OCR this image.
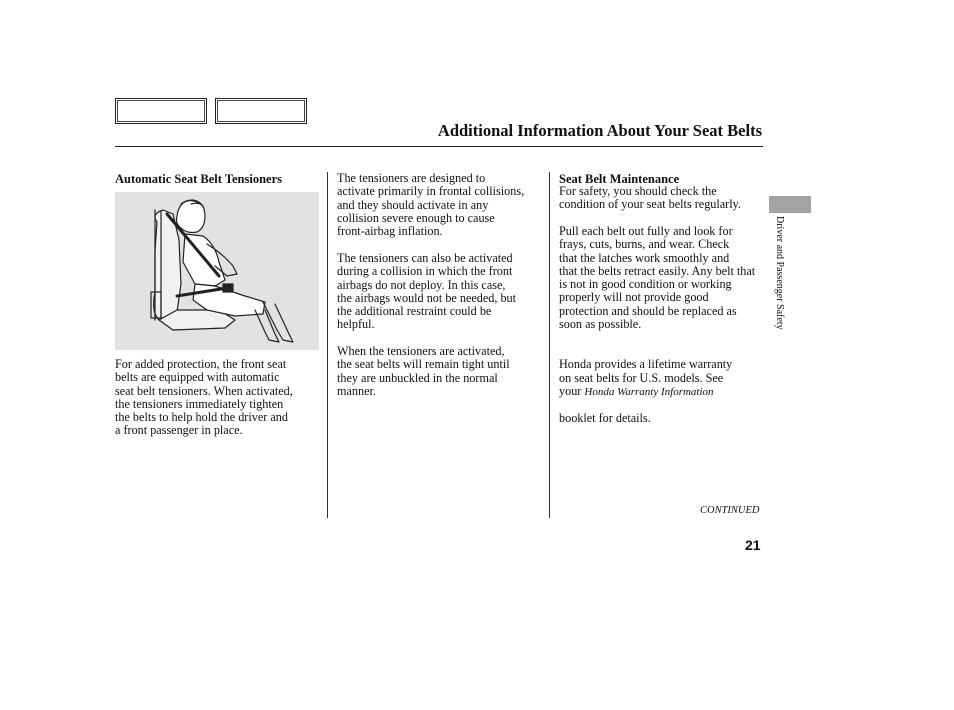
Additional Information About Your Seat Belts
Automatic Seat Belt Tensioners
For added protection, the front seat
belts are equipped with automatic
seat belt tensioners. When activated,
the tensioners immediately tighten
the belts to help hold the driver and
a front passenger in place.
The tensioners are designed to
activate primarily in frontal collisions,
and they should activate in any
collision severe enough to cause
front-airbag inflation.
The tensioners can also be activated
during a collision in which the front
airbags do not deploy. In this case,
the airbags would not be needed, but
the additional restraint could be
helpful.
When the tensioners are activated,
the seat belts will remain tight until
they are unbuckled in the normal
manner.
Seat Belt Maintenance
For safety, you should check the
condition of your seat belts regularly.
Pull each belt out fully and look for
frays, cuts, burns, and wear. Check
that the latches work smoothly and
that the belts retract easily. Any belt that
is not in good condition or working
properly will not provide good
protection and should be replaced as
soon as possible.

Honda provides a lifetime warranty
on seat belts for U.S. models. See

your Honda Warranty Information

booklet for details.

Driver and Passenger Safety
CONTINUED
21
